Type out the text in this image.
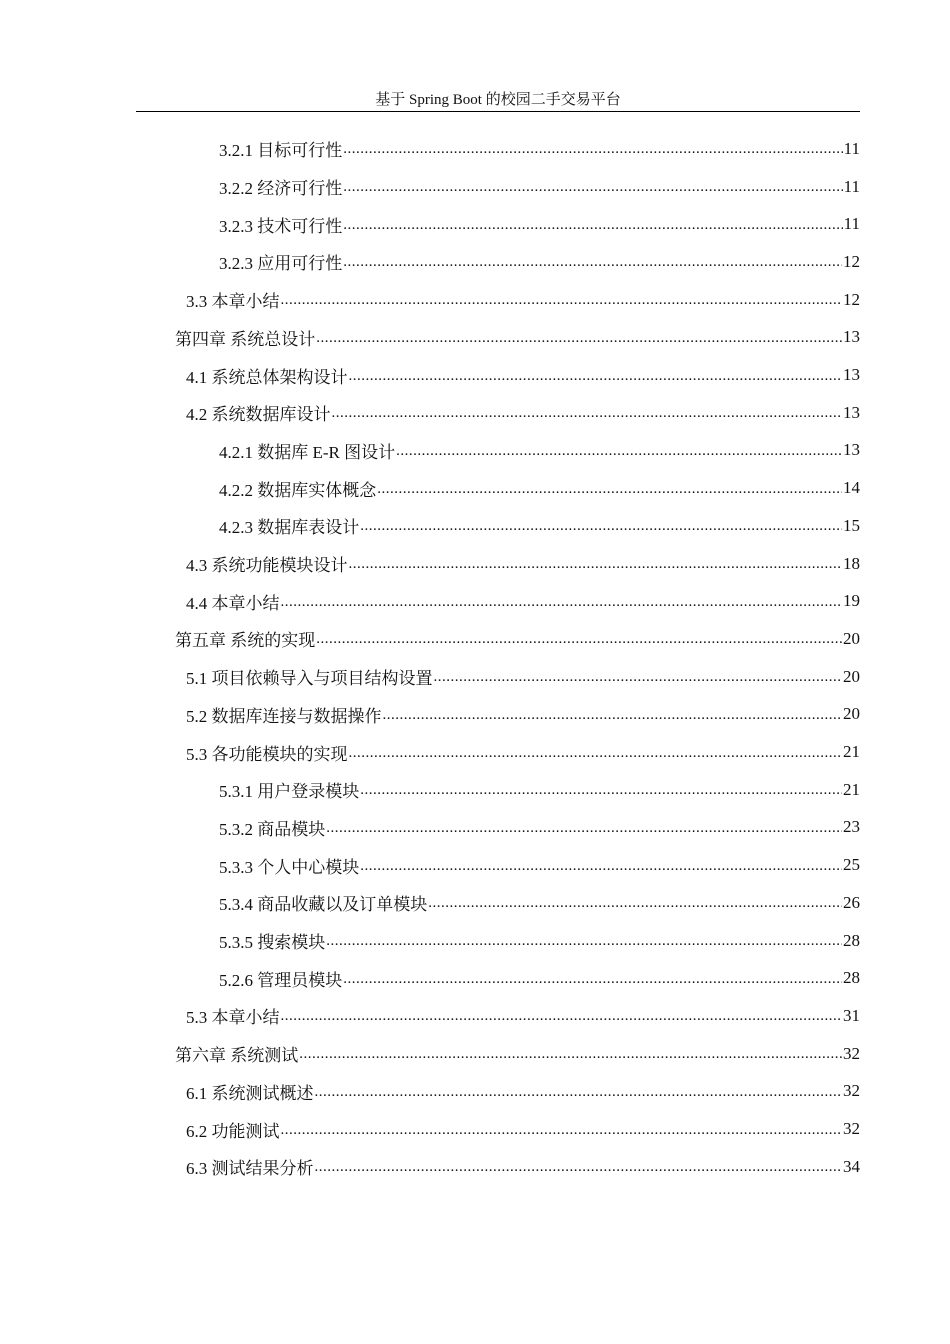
基于 Spring Boot 的校园二手交易平台
3.2.1 目标可行性 .....	11
3.2.2 经济可行性 .....	11
3.2.3 技术可行性 .....	11
3.2.3 应用可行性 .....	12
3.3 本章小结 .....	12
第四章 系统总设计 .....	13
4.1 系统总体架构设计 .....	13
4.2 系统数据库设计 .....	13
4.2.1 数据库 E-R 图设计 .....	13
4.2.2 数据库实体概念 .....	14
4.2.3 数据库表设计 .....	15
4.3 系统功能模块设计 .....	18
4.4 本章小结 .....	19
第五章 系统的实现 .....	20
5.1 项目依赖导入与项目结构设置 .....	20
5.2 数据库连接与数据操作 .....	20
5.3 各功能模块的实现 .....	21
5.3.1 用户登录模块 .....	21
5.3.2 商品模块 .....	23
5.3.3 个人中心模块 .....	25
5.3.4 商品收藏以及订单模块 .....	26
5.3.5 搜索模块 .....	28
5.2.6 管理员模块 .....	28
5.3 本章小结 .....	31
第六章 系统测试 .....	32
6.1 系统测试概述 .....	32
6.2 功能测试 .....	32
6.3 测试结果分析 .....	34
